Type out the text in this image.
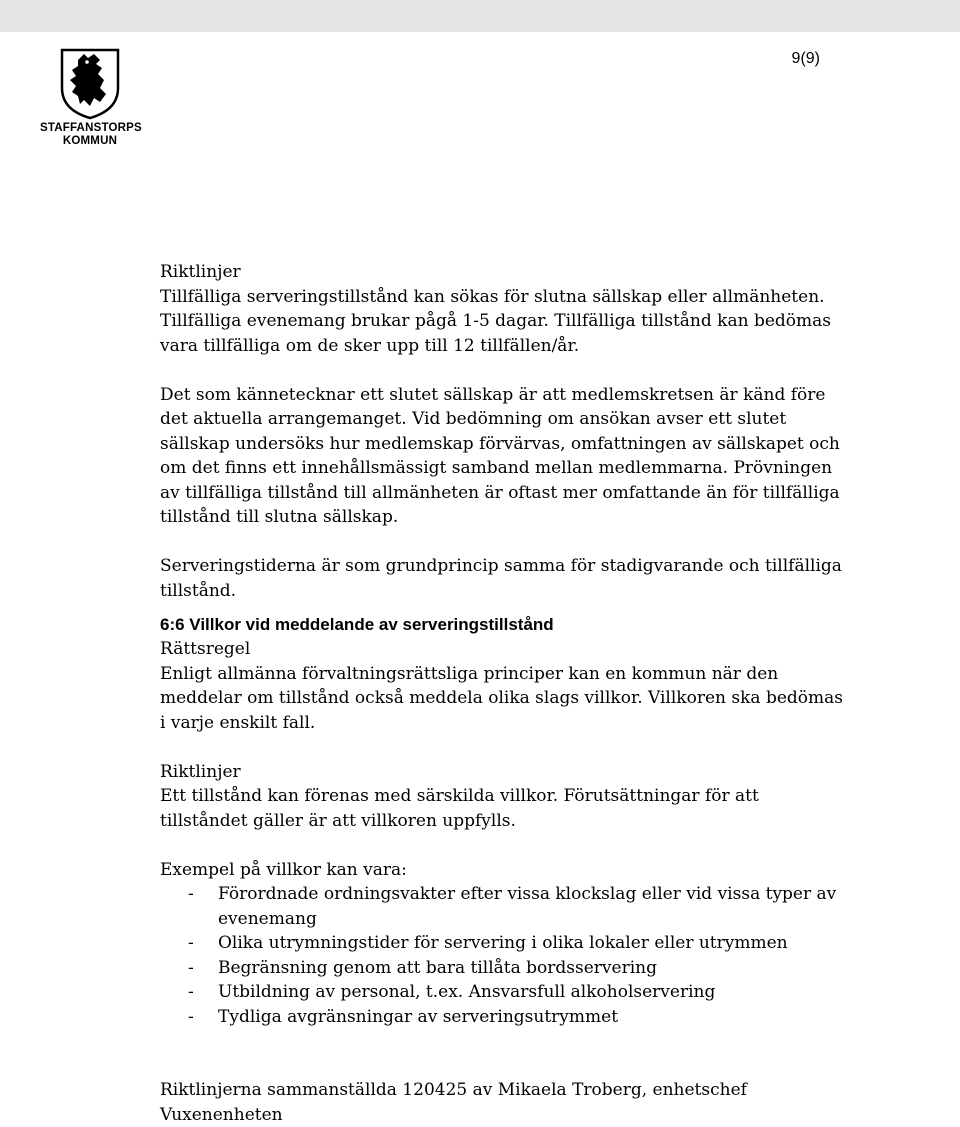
9(9)
STAFFANSTORPS
KOMMUN

Riktlinjer

Tillfälliga serveringstillstånd kan sökas för slutna sällskap eller allmänheten. Tillfälliga evenemang brukar pågå 1-5 dagar. Tillfälliga tillstånd kan bedömas vara tillfälliga om de sker upp till 12 tillfällen/år.

Det som kännetecknar ett slutet sällskap är att medlemskretsen är känd före det aktuella arrangemanget. Vid bedömning om ansökan avser ett slutet sällskap undersöks hur medlemskap förvärvas, omfattningen av sällskapet och om det finns ett innehållsmässigt samband mellan medlemmarna. Prövningen av tillfälliga tillstånd till allmänheten är oftast mer omfattande än för tillfälliga tillstånd till slutna sällskap.

Serveringstiderna är som grundprincip samma för stadigvarande och tillfälliga tillstånd.

6:6 Villkor vid meddelande av serveringstillstånd

Rättsregel

Enligt allmänna förvaltningsrättsliga principer kan en kommun när den meddelar om tillstånd också meddela olika slags villkor. Villkoren ska bedömas i varje enskilt fall.

Riktlinjer

Ett tillstånd kan förenas med särskilda villkor. Förutsättningar för att tillståndet gäller är att villkoren uppfylls.

Exempel på villkor kan vara:

- Förordnade ordningsvakter efter vissa klockslag eller vid vissa typer av evenemang
- Olika utrymningstider för servering i olika lokaler eller utrymmen
- Begränsning genom att bara tillåta bordsservering
- Utbildning av personal, t.ex. Ansvarsfull alkoholservering
- Tydliga avgränsningar av serveringsutrymmet

Riktlinjerna sammanställda 120425 av Mikaela Troberg, enhetschef

Vuxenenheten
